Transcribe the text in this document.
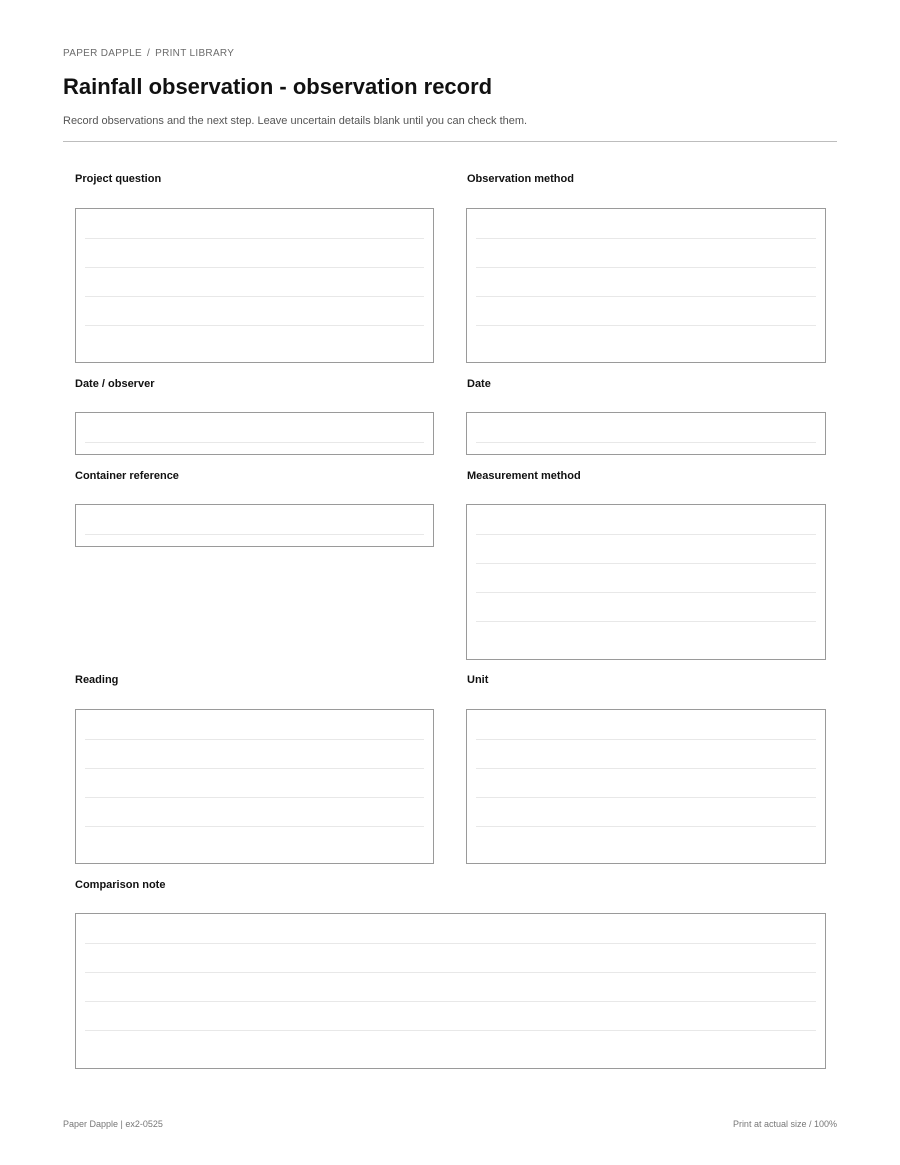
PAPER DAPPLE / PRINT LIBRARY
Rainfall observation - observation record
Record observations and the next step. Leave uncertain details blank until you can check them.
Project question	Observation method
Date / observer	Date
Container reference	Measurement method
Reading	Unit
Comparison note
Paper Dapple | ex2-0525	Print at actual size / 100%
